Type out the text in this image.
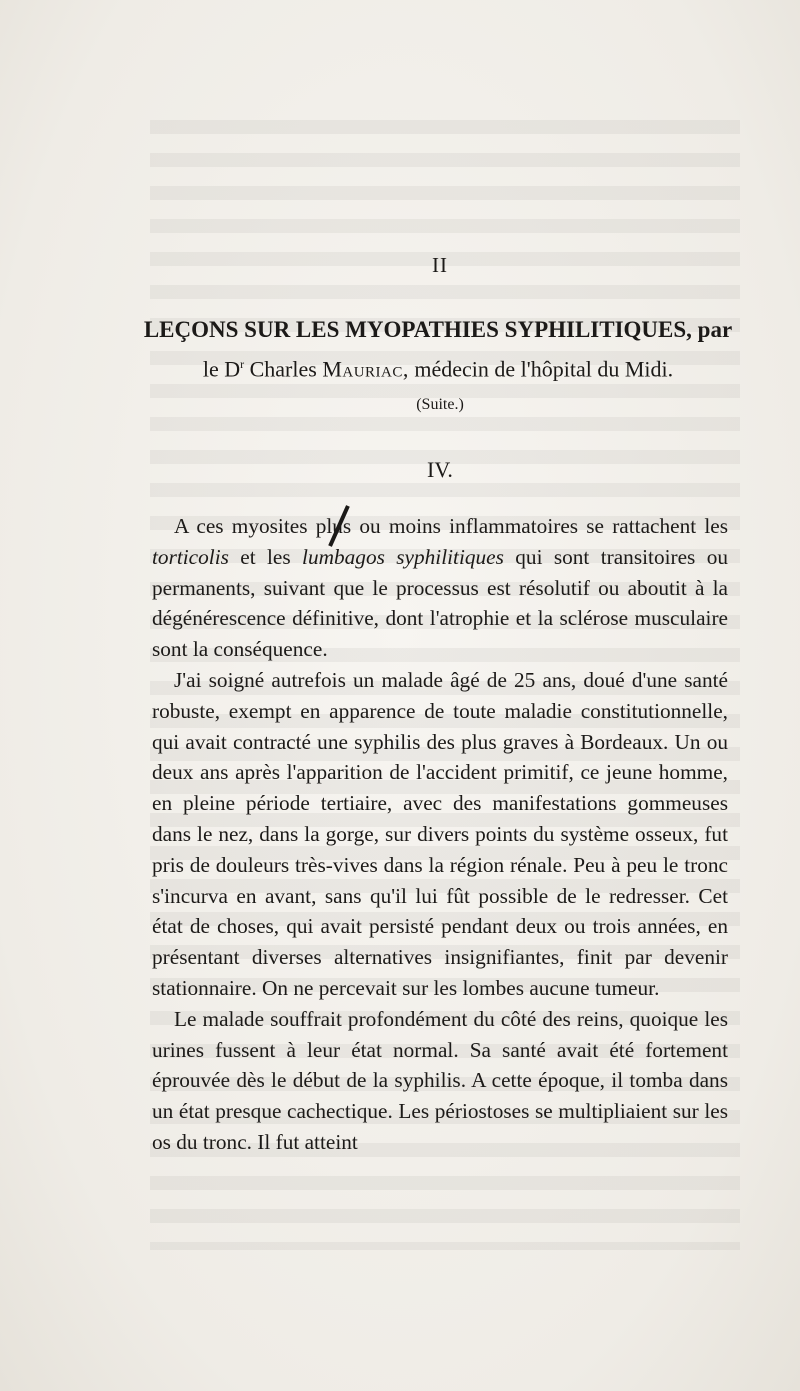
II
LEÇONS SUR LES MYOPATHIES SYPHILITIQUES, par
le $D^r$ Charles Mauriac, médecin de l'hôpital du Midi.
(Suite.)
IV.

A ces myosites plus ou moins inflammatoires se rattachent les torticolis et les lumbagos syphilitiques qui sont transitoires ou permanents, suivant que le processus est résolutif ou aboutit à la dégénérescence définitive, dont l'atrophie et la sclérose musculaire sont la conséquence.

J'ai soigné autrefois un malade âgé de 25 ans, doué d'une santé robuste, exempt en apparence de toute maladie constitutionnelle, qui avait contracté une syphilis des plus graves à Bordeaux. Un ou deux ans après l'apparition de l'accident primitif, ce jeune homme, en pleine période tertiaire, avec des manifestations gommeuses dans le nez, dans la gorge, sur divers points du système osseux, fut pris de douleurs très-vives dans la région rénale. Peu à peu le tronc s'incurva en avant, sans qu'il lui fût possible de le redresser. Cet état de choses, qui avait persisté pendant deux ou trois années, en présentant diverses alternatives insignifiantes, finit par devenir stationnaire. On ne percevait sur les lombes aucune tumeur.

Le malade souffrait profondément du côté des reins, quoique les urines fussent à leur état normal. Sa santé avait été fortement éprouvée dès le début de la syphilis. A cette époque, il tomba dans un état presque cachectique. Les périostoses se multipliaient sur les os du tronc. Il fut atteint
